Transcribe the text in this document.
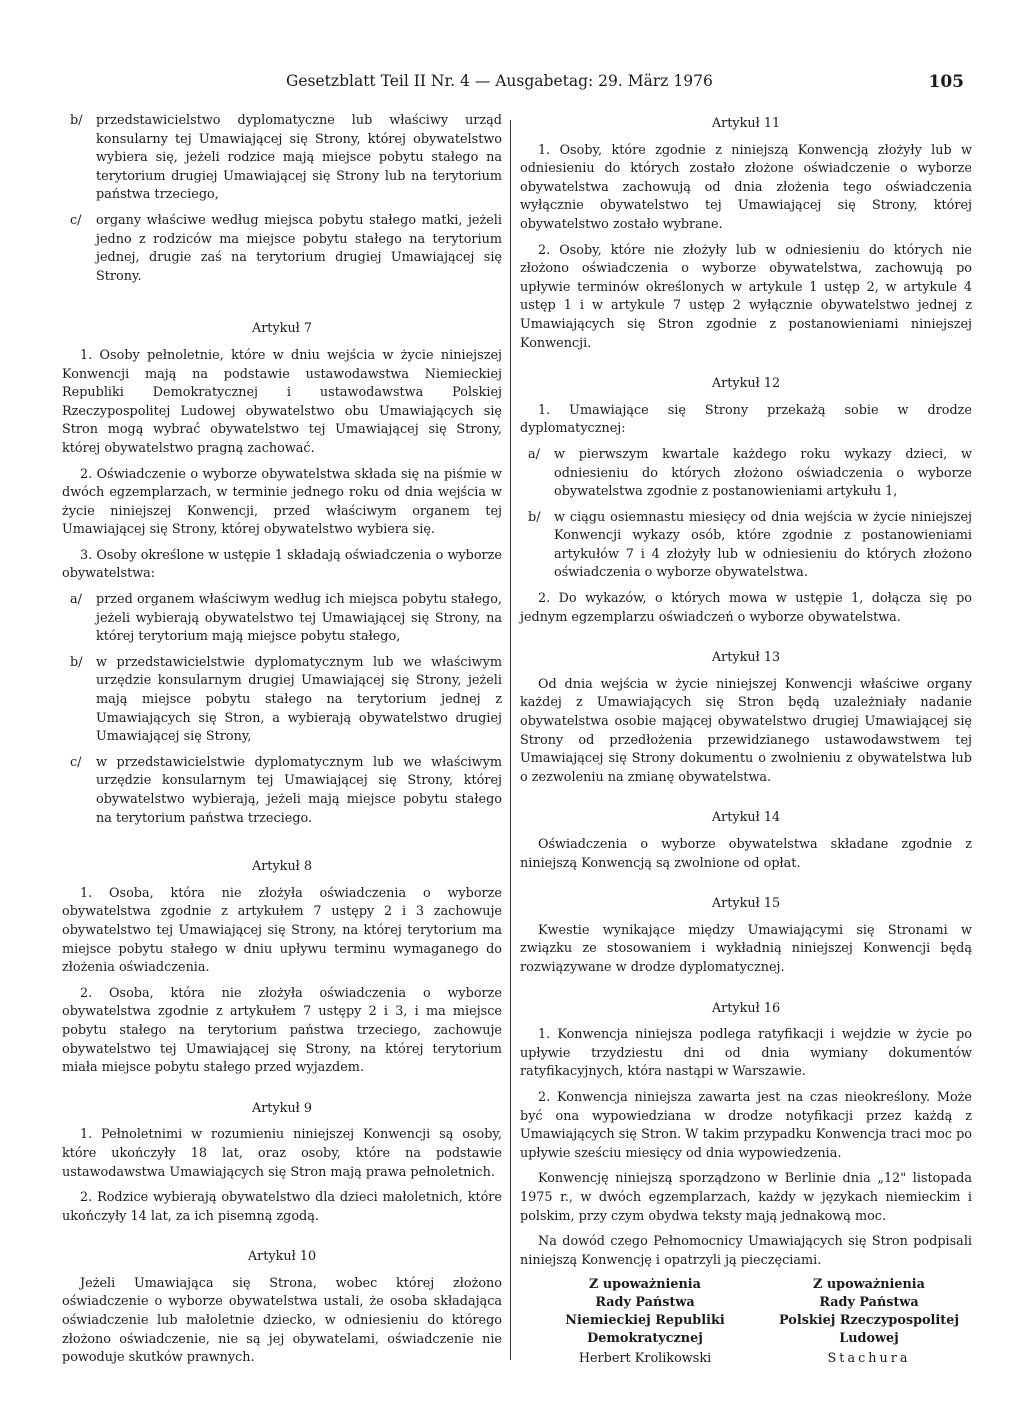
Gesetzblatt Teil II Nr. 4 — Ausgabetag: 29. März 1976	105
b/	przedstawicielstwo dyplomatyczne lub właściwy urząd konsularny tej Umawiającej się Strony, której obywatelstwo wybiera się, jeżeli rodzice mają miejsce pobytu stałego na terytorium drugiej Umawiającej się Strony lub na terytorium państwa trzeciego,
c/	organy właściwe według miejsca pobytu stałego matki, jeżeli jedno z rodziców ma miejsce pobytu stałego na terytorium jednej, drugie zaś na terytorium drugiej Umawiającej się Strony.
Artykuł 7

1. Osoby pełnoletnie, które w dniu wejścia w życie niniejszej Konwencji mają na podstawie ustawodawstwa Niemieckiej Republiki Demokratycznej i ustawodawstwa Polskiej Rzeczypospolitej Ludowej obywatelstwo obu Umawiających się Stron mogą wybrać obywatelstwo tej Umawiającej się Strony, której obywatelstwo pragną zachować.

2. Oświadczenie o wyborze obywatelstwa składa się na piśmie w dwóch egzemplarzach, w terminie jednego roku od dnia wejścia w życie niniejszej Konwencji, przed właściwym organem tej Umawiającej się Strony, której obywatelstwo wybiera się.

3. Osoby określone w ustępie 1 składają oświadczenia o wyborze obywatelstwa:

a/	przed organem właściwym według ich miejsca pobytu stałego, jeżeli wybierają obywatelstwo tej Umawiającej się Strony, na której terytorium mają miejsce pobytu stałego,
b/	w przedstawicielstwie dyplomatycznym lub we właściwym urzędzie konsularnym drugiej Umawiającej się Strony, jeżeli mają miejsce pobytu stałego na terytorium jednej z Umawiających się Stron, a wybierają obywatelstwo drugiej Umawiającej się Strony,
c/	w przedstawicielstwie dyplomatycznym lub we właściwym urzędzie konsularnym tej Umawiającej się Strony, której obywatelstwo wybierają, jeżeli mają miejsce pobytu stałego na terytorium państwa trzeciego.
Artykuł 8

1. Osoba, która nie złożyła oświadczenia o wyborze obywatelstwa zgodnie z artykułem 7 ustępy 2 i 3 zachowuje obywatelstwo tej Umawiającej się Strony, na której terytorium ma miejsce pobytu stałego w dniu upływu terminu wymaganego do złożenia oświadczenia.

2. Osoba, która nie złożyła oświadczenia o wyborze obywatelstwa zgodnie z artykułem 7 ustępy 2 i 3, i ma miejsce pobytu stałego na terytorium państwa trzeciego, zachowuje obywatelstwo tej Umawiającej się Strony, na której terytorium miała miejsce pobytu stałego przed wyjazdem.

Artykuł 9

1. Pełnoletnimi w rozumieniu niniejszej Konwencji są osoby, które ukończyły 18 lat, oraz osoby, które na podstawie ustawodawstwa Umawiających się Stron mają prawa pełnoletnich.

2. Rodzice wybierają obywatelstwo dla dzieci małoletnich, które ukończyły 14 lat, za ich pisemną zgodą.

Artykuł 10

Jeżeli Umawiająca się Strona, wobec której złożono oświadczenie o wyborze obywatelstwa ustali, że osoba składająca oświadczenie lub małoletnie dziecko, w odniesieniu do którego złożono oświadczenie, nie są jej obywatelami, oświadczenie nie powoduje skutków prawnych.

Artykuł 11

1. Osoby, które zgodnie z niniejszą Konwencją złożyły lub w odniesieniu do których zostało złożone oświadczenie o wyborze obywatelstwa zachowują od dnia złożenia tego oświadczenia wyłącznie obywatelstwo tej Umawiającej się Strony, której obywatelstwo zostało wybrane.

2. Osoby, które nie złożyły lub w odniesieniu do których nie złożono oświadczenia o wyborze obywatelstwa, zachowują po upływie terminów określonych w artykule 1 ustęp 2, w artykule 4 ustęp 1 i w artykule 7 ustęp 2 wyłącznie obywatelstwo jednej z Umawiających się Stron zgodnie z postanowieniami niniejszej Konwencji.

Artykuł 12

1. Umawiające się Strony przekażą sobie w drodze dyplomatycznej:

a/	w pierwszym kwartale każdego roku wykazy dzieci, w odniesieniu do których złożono oświadczenia o wyborze obywatelstwa zgodnie z postanowieniami artykułu 1,
b/	w ciągu osiemnastu miesięcy od dnia wejścia w życie niniejszej Konwencji wykazy osób, które zgodnie z postanowieniami artykułów 7 i 4 złożyły lub w odniesieniu do których złożono oświadczenia o wyborze obywatelstwa.

2. Do wykazów, o których mowa w ustępie 1, dołącza się po jednym egzemplarzu oświadczeń o wyborze obywatelstwa.

Artykuł 13

Od dnia wejścia w życie niniejszej Konwencji właściwe organy każdej z Umawiających się Stron będą uzależniały nadanie obywatelstwa osobie mającej obywatelstwo drugiej Umawiającej się Strony od przedłożenia przewidzianego ustawodawstwem tej Umawiającej się Strony dokumentu o zwolnieniu z obywatelstwa lub o zezwoleniu na zmianę obywatelstwa.

Artykuł 14

Oświadczenia o wyborze obywatelstwa składane zgodnie z niniejszą Konwencją są zwolnione od opłat.

Artykuł 15

Kwestie wynikające między Umawiającymi się Stronami w związku ze stosowaniem i wykładnią niniejszej Konwencji będą rozwiązywane w drodze dyplomatycznej.

Artykuł 16

1. Konwencja niniejsza podlega ratyfikacji i wejdzie w życie po upływie trzydziestu dni od dnia wymiany dokumentów ratyfikacyjnych, która nastąpi w Warszawie.

2. Konwencja niniejsza zawarta jest na czas nieokreślony. Może być ona wypowiedziana w drodze notyfikacji przez każdą z Umawiających się Stron. W takim przypadku Konwencja traci moc po upływie sześciu miesięcy od dnia wypowiedzenia.

Konwencję niniejszą sporządzono w Berlinie dnia „12" listopada 1975 r., w dwóch egzemplarzach, każdy w językach niemieckim i polskim, przy czym obydwa teksty mają jednakową moc.

Na dowód czego Pełnomocnicy Umawiających się Stron podpisali niniejszą Konwencję i opatrzyli ją pieczęciami.

Z upoważnienia
Rady Państwa
Niemieckiej Republiki
Demokratycznej
Herbert Krolikowski
Z upoważnienia
Rady Państwa
Polskiej Rzeczypospolitej
Ludowej
Stachura
